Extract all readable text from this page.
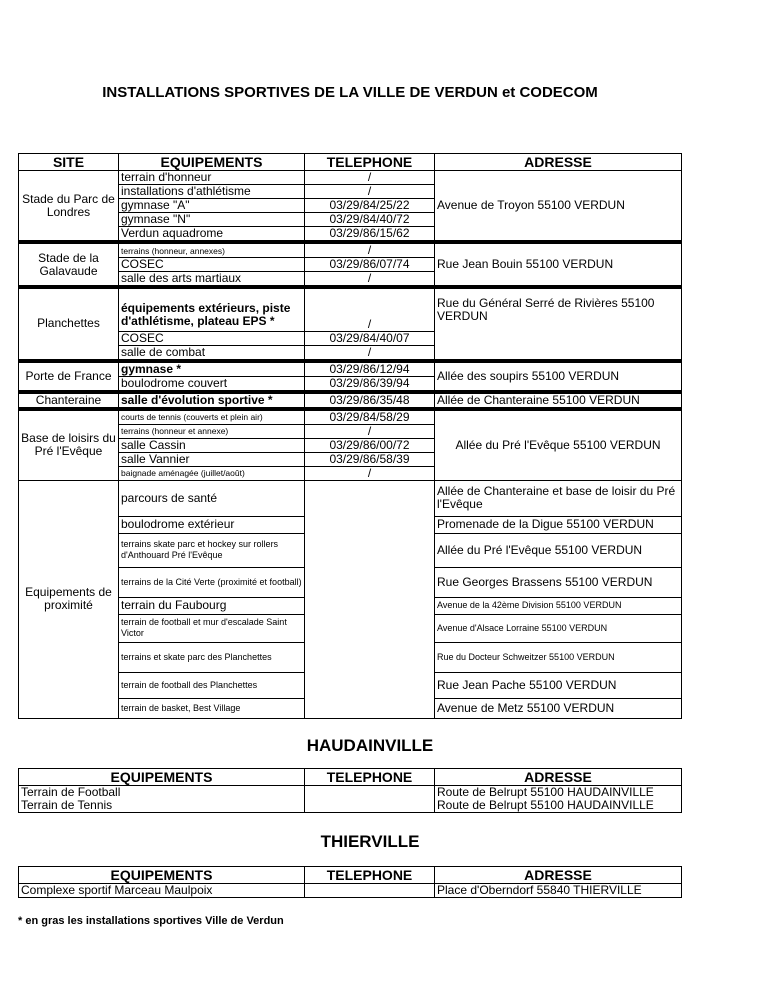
INSTALLATIONS SPORTIVES DE LA VILLE DE VERDUN et CODECOM
SITE	EQUIPEMENTS	TELEPHONE	ADRESSE
Stade du Parc de Londres	terrain d'honneur	/	Avenue de Troyon 55100 VERDUN
	installations d'athlétisme	/	
	gymnase "A"	03/29/84/25/22	
	gymnase "N"	03/29/84/40/72	
	Verdun aquadrome	03/29/86/15/62	
Stade de la Galavaude	terrains (honneur, annexes)	/	Rue Jean Bouin 55100 VERDUN
	COSEC	03/29/86/07/74	
	salle des arts martiaux	/	
Planchettes	équipements extérieurs, piste d'athlétisme, plateau EPS *	/	Rue du Général Serré de Rivières 55100 VERDUN
	COSEC	03/29/84/40/07	
	salle de combat	/	
Porte de France	gymnase *	03/29/86/12/94	Allée des soupirs 55100 VERDUN
	boulodrome couvert	03/29/86/39/94	
Chanteraine	salle d'évolution sportive *	03/29/86/35/48	Allée de Chanteraine 55100 VERDUN
Base de loisirs du Pré l'Evêque	courts de tennis (couverts et plein air)	03/29/84/58/29	Allée du Pré l'Evêque 55100 VERDUN
	terrains (honneur et annexe)	/	
	salle Cassin	03/29/86/00/72	
	salle Vannier	03/29/86/58/39	
	baignade aménagée (juillet/août)	/	
Equipements de proximité	parcours de santé		Allée de Chanteraine et base de loisir du Pré l'Evêque
	boulodrome extérieur		Promenade de la Digue 55100 VERDUN
	terrains skate parc et hockey sur rollers d'Anthouard Pré l'Evêque		Allée du Pré l'Evêque 55100 VERDUN
	terrains de la Cité Verte (proximité et football)		Rue Georges Brassens 55100 VERDUN
	terrain du Faubourg		Avenue de la 42ème Division 55100 VERDUN
	terrain de football et mur d'escalade Saint Victor		Avenue d'Alsace Lorraine 55100 VERDUN
	terrains et skate parc des Planchettes		Rue du Docteur Schweitzer 55100 VERDUN
	terrain de football des Planchettes		Rue Jean Pache 55100 VERDUN
	terrain de basket, Best Village		Avenue de Metz 55100 VERDUN
HAUDAINVILLE
EQUIPEMENTS	TELEPHONE	ADRESSE
Terrain de Football		Route de Belrupt 55100 HAUDAINVILLE
Terrain de Tennis		Route de Belrupt 55100 HAUDAINVILLE
THIERVILLE
EQUIPEMENTS	TELEPHONE	ADRESSE
Complexe sportif Marceau Maulpoix		Place d'Oberndorf 55840 THIERVILLE
* en gras les installations sportives Ville de Verdun
